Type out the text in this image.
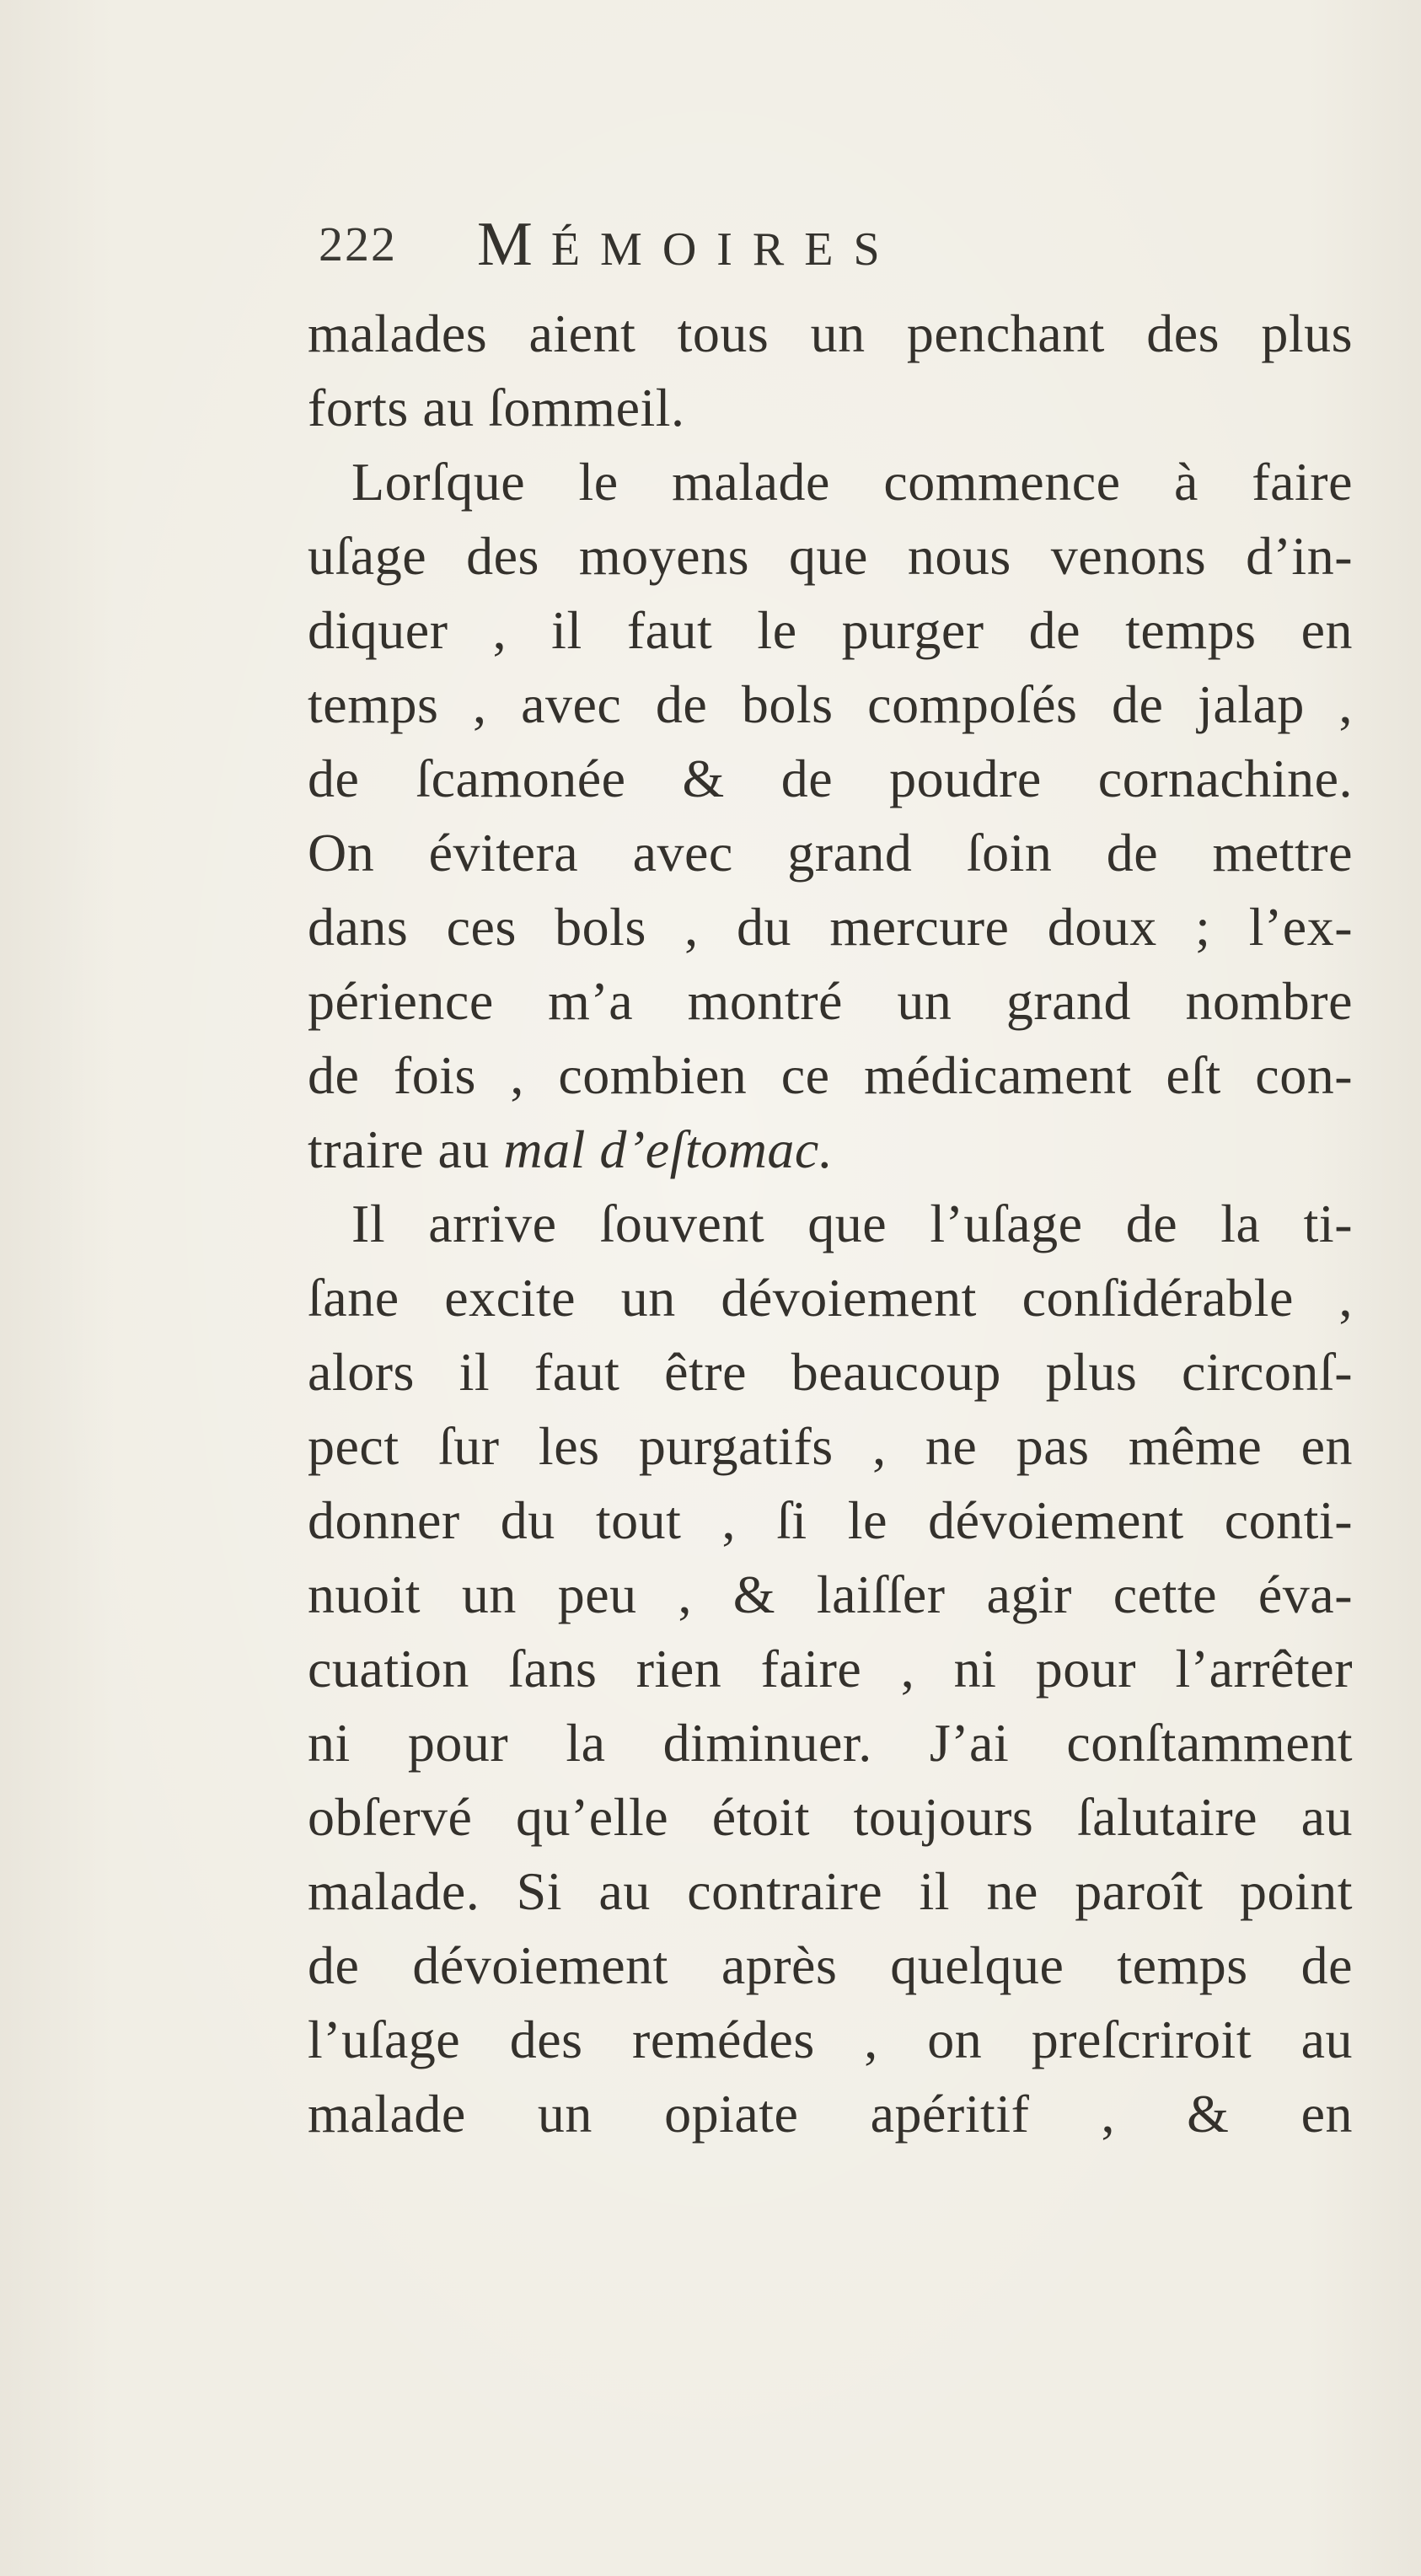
222 MÉMOIRES
malades aient tous un penchant des plus
forts au ſommeil.
Lorſque le malade commence à faire
uſage des moyens que nous venons d’in-
diquer , il faut le purger de temps en
temps , avec de bols compoſés de jalap ,
de ſcamonée & de poudre cornachine.
On évitera avec grand ſoin de mettre
dans ces bols , du mercure doux ; l’ex-
périence m’a montré un grand nombre
de fois , combien ce médicament eſt con-
traire au mal d’eſtomac.
Il arrive ſouvent que l’uſage de la ti-
ſane excite un dévoiement conſidérable ,
alors il faut être beaucoup plus circonſ-
pect ſur les purgatifs , ne pas même en
donner du tout , ſi le dévoiement conti-
nuoit un peu , & laiſſer agir cette éva-
cuation ſans rien faire , ni pour l’arrêter
ni pour la diminuer. J’ai conſtamment
obſervé qu’elle étoit toujours ſalutaire au
malade. Si au contraire il ne paroît point
de dévoiement après quelque temps de
l’uſage des remédes , on preſcriroit au
malade un opiate apéritif , & en
